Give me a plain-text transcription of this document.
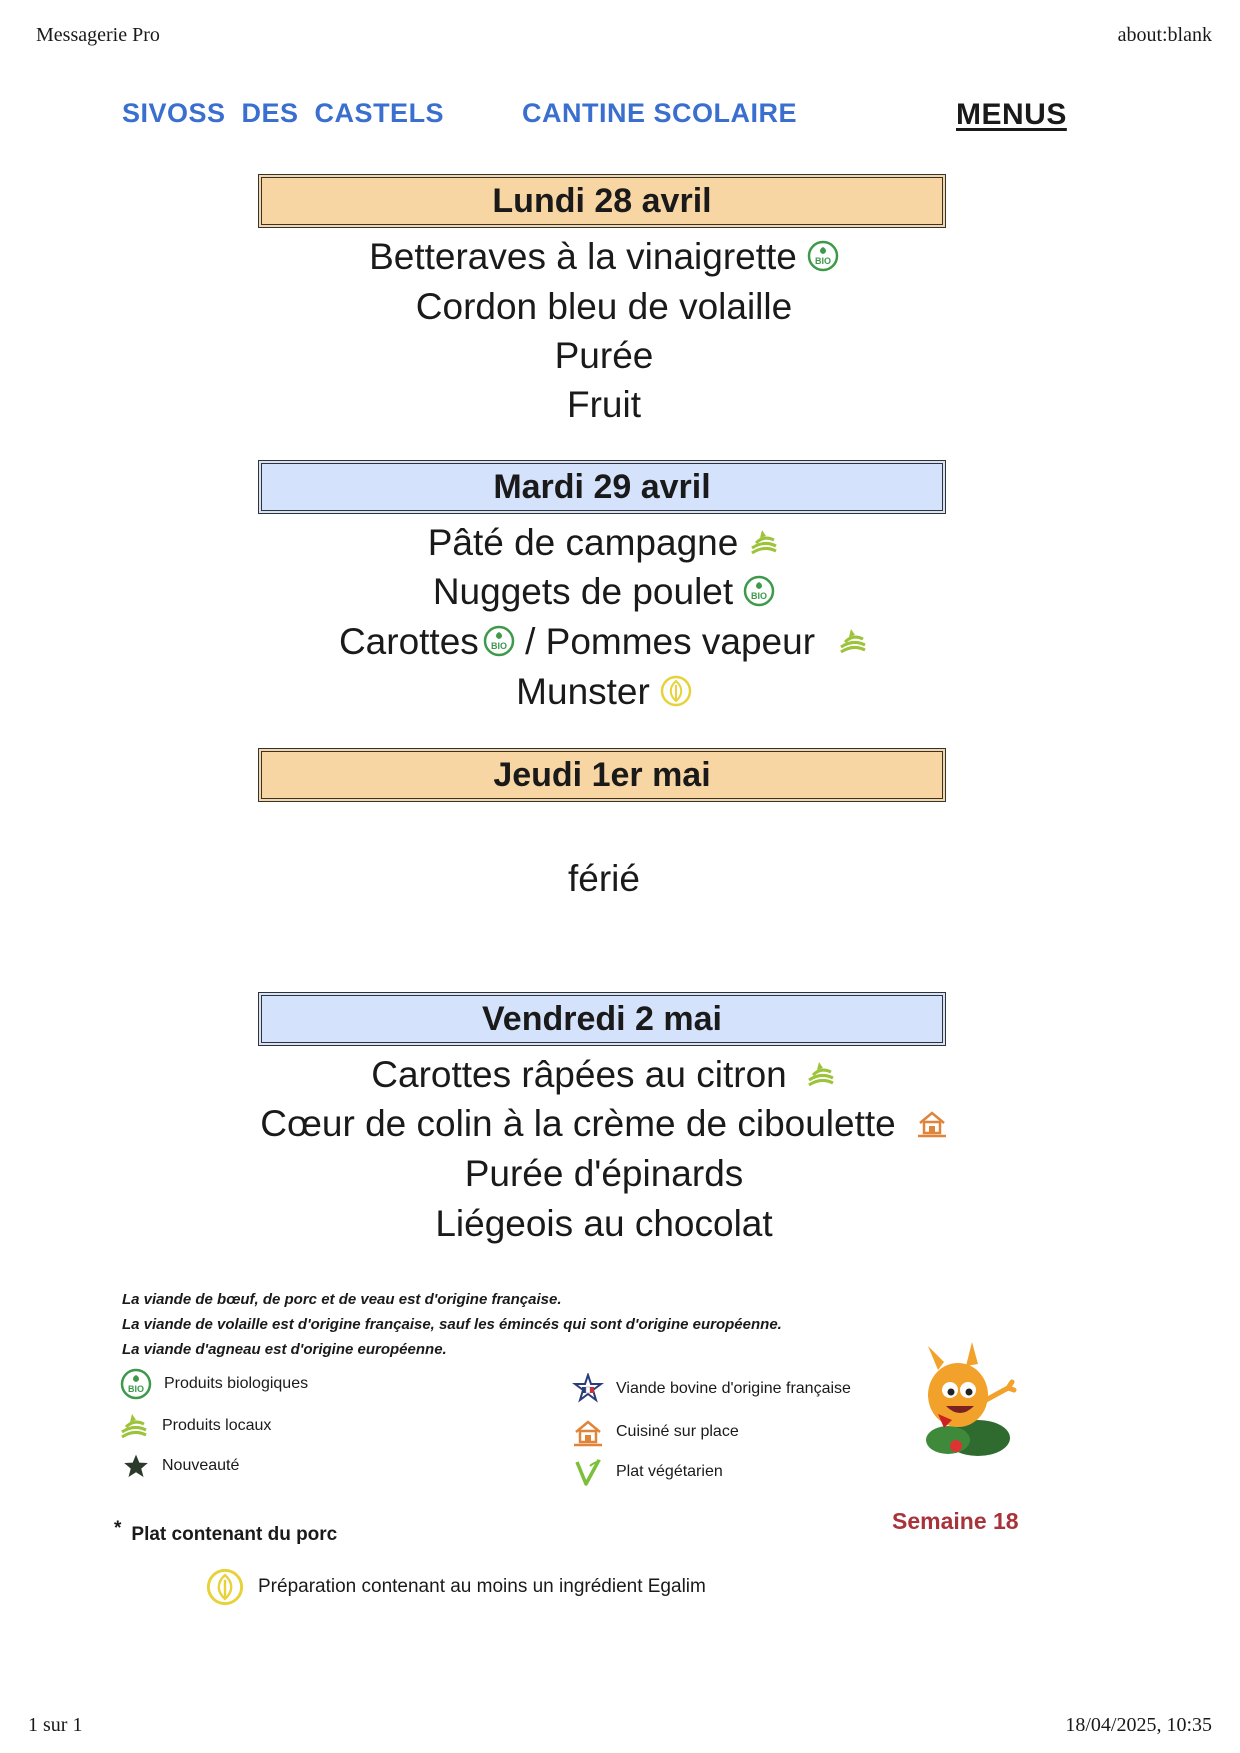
Messagerie Pro	about:blank
1 sur 1	18/04/2025, 10:35
SIVOSS  DES  CASTELS	CANTINE SCOLAIRE	MENUS
Lundi 28 avril
Betteraves à la vinaigrette
Cordon bleu de volaille
Purée
Fruit
Mardi 29 avril
Pâté de campagne
Nuggets de poulet
Carottes
/ Pommes vapeur
Munster
Jeudi 1er mai
férié
Vendredi 2 mai
Carottes râpées au citron
Cœur de colin à la crème de ciboulette
Purée d'épinards
Liégeois au chocolat
La viande de bœuf, de porc et de veau est d'origine française.
La viande de volaille est d'origine française, sauf les émincés qui sont d'origine européenne.
La viande d'agneau est d'origine européenne.
Produits biologiques
Produits locaux
Nouveauté
Viande bovine d'origine française
Cuisiné sur place
Plat végétarien
Semaine 18
* Plat contenant du porc
Préparation contenant au moins un ingrédient Egalim
